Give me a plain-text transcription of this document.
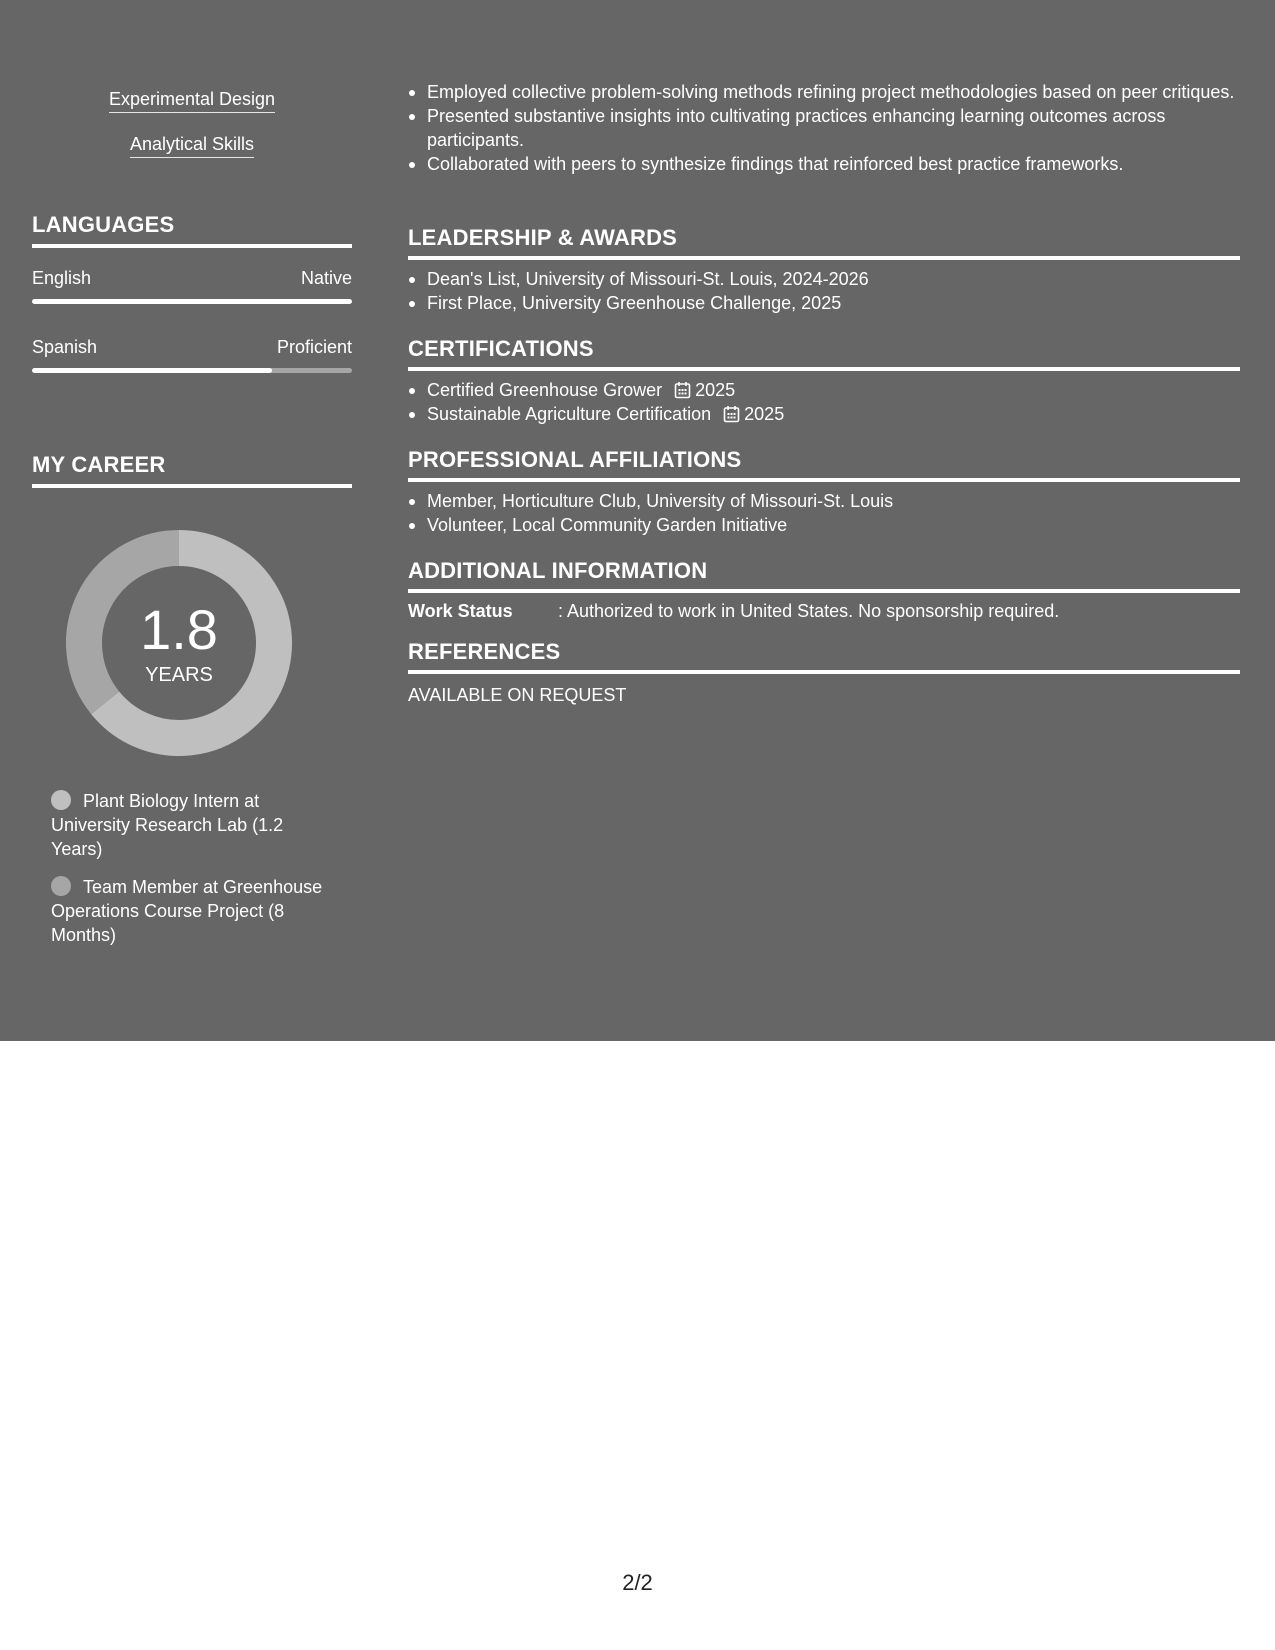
Experimental Design
Analytical Skills
LANGUAGES
English	Native
Spanish	Proficient
MY CAREER
1.8
YEARS
Plant Biology Intern at University Research Lab (1.2 Years)
Team Member at Greenhouse Operations Course Project (8 Months)
Employed collective problem-solving methods refining project methodologies based on peer critiques.
Presented substantive insights into cultivating practices enhancing learning outcomes across participants.
Collaborated with peers to synthesize findings that reinforced best practice frameworks.
LEADERSHIP & AWARDS
Dean's List, University of Missouri-St. Louis, 2024-2026
First Place, University Greenhouse Challenge, 2025
CERTIFICATIONS
Certified Greenhouse Grower 2025
Sustainable Agriculture Certification 2025
PROFESSIONAL AFFILIATIONS
Member, Horticulture Club, University of Missouri-St. Louis
Volunteer, Local Community Garden Initiative
ADDITIONAL INFORMATION
Work Status	: Authorized to work in United States. No sponsorship required.
REFERENCES
AVAILABLE ON REQUEST
2/2
